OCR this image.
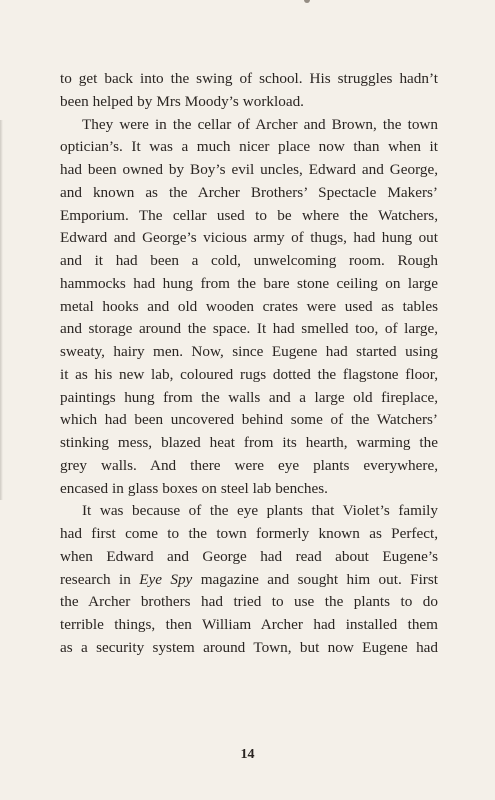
to get back into the swing of school. His struggles hadn’t
been helped by Mrs Moody’s workload.

They were in the cellar of Archer and Brown, the town
optician’s. It was a much nicer place now than when it
had been owned by Boy’s evil uncles, Edward and George,
and known as the Archer Brothers’ Spectacle Makers’
Emporium. The cellar used to be where the Watchers,
Edward and George’s vicious army of thugs, had hung out
and it had been a cold, unwelcoming room. Rough
hammocks had hung from the bare stone ceiling on large
metal hooks and old wooden crates were used as tables
and storage around the space. It had smelled too, of large,
sweaty, hairy men. Now, since Eugene had started using
it as his new lab, coloured rugs dotted the flagstone floor,
paintings hung from the walls and a large old fireplace,
which had been uncovered behind some of the Watchers’
stinking mess, blazed heat from its hearth, warming the
grey walls. And there were eye plants everywhere,
encased in glass boxes on steel lab benches.

It was because of the eye plants that Violet’s family
had first come to the town formerly known as Perfect,
when Edward and George had read about Eugene’s
research in Eye Spy magazine and sought him out. First
the Archer brothers had tried to use the plants to do
terrible things, then William Archer had installed them
as a security system around Town, but now Eugene had

14
